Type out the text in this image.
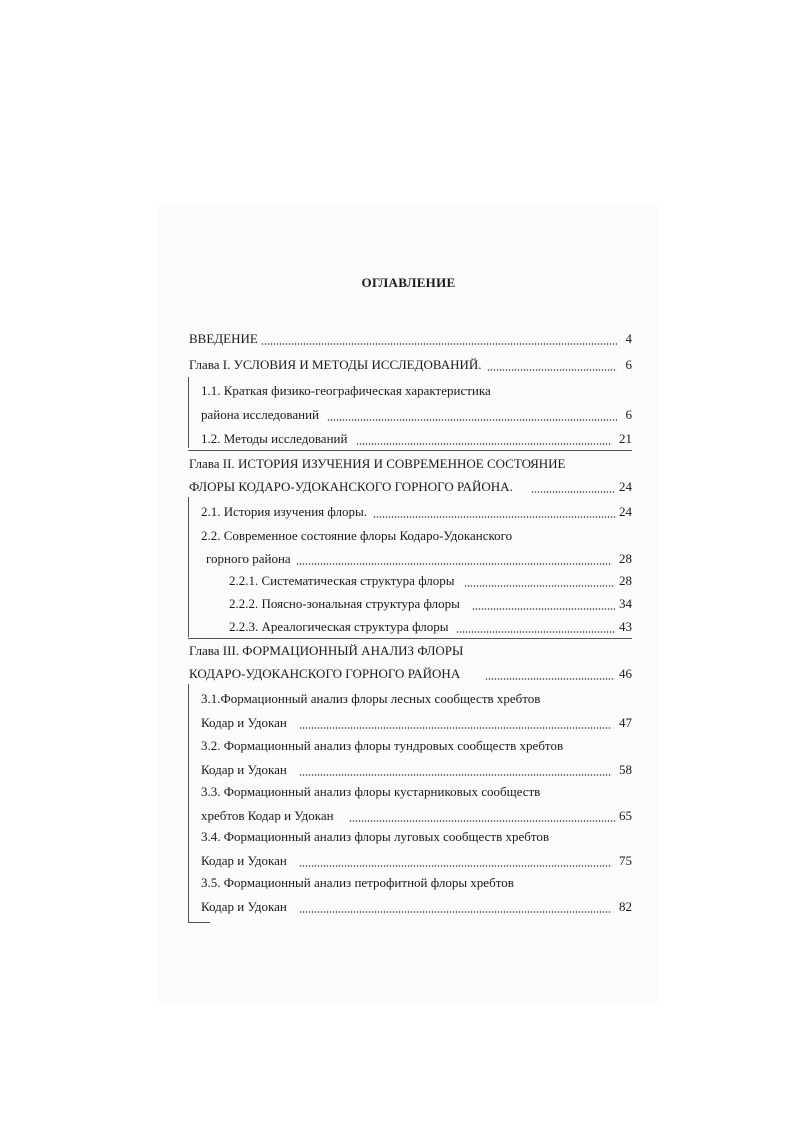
ОГЛАВЛЕНИЕ
ВВЕДЕНИЕ	4
Глава I. УСЛОВИЯ И МЕТОДЫ ИССЛЕДОВАНИЙ.	6
1.1. Краткая физико-географическая характеристика
района исследований	6
1.2. Методы исследований	21
Глава II. ИСТОРИЯ ИЗУЧЕНИЯ И СОВРЕМЕННОЕ СОСТОЯНИЕ
ФЛОРЫ КОДАРО-УДОКАНСКОГО ГОРНОГО РАЙОНА.	24
2.1. История изучения флоры.	24
2.2. Современное состояние флоры Кодаро-Удоканского
горного района	28
2.2.1. Систематическая структура флоры	28
2.2.2. Поясно-зональная структура флоры	34
2.2.3. Ареалогическая структура флоры	43
Глава III. ФОРМАЦИОННЫЙ АНАЛИЗ ФЛОРЫ
КОДАРО-УДОКАНСКОГО ГОРНОГО РАЙОНА	46
3.1.Формационный анализ флоры лесных сообществ хребтов
Кодар и Удокан	47
3.2. Формационный анализ флоры тундровых сообществ хребтов
Кодар и Удокан	58
3.3. Формационный анализ флоры кустарниковых сообществ
хребтов Кодар и Удокан	65
3.4. Формационный анализ флоры луговых сообществ хребтов
Кодар и Удокан	75
3.5. Формационный анализ петрофитной флоры хребтов
Кодар и Удокан	82
